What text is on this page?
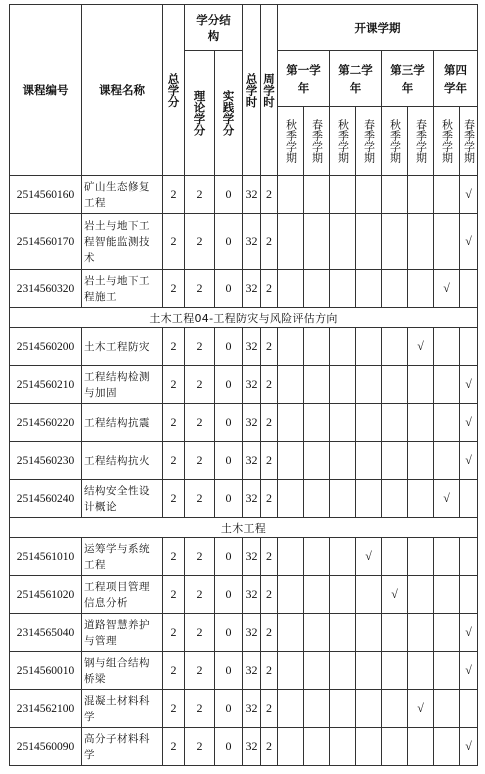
课程编号	课程名称	总学分	学分结构		总学时	周学时	开课学期							

			理论学分	实践学分			第一学年		第二学年		第三学年		第四学年	

							秋季学期	春季学期	秋季学期	春季学期	秋季学期	春季学期	秋季学期	春季学期

2514560160	矿山生态修复工程	2	2	0	32	2								√
2514560170	岩土与地下工程智能监测技术	2	2	0	32	2								√
2314560320	岩土与地下工程施工	2	2	0	32	2							√	
土木工程04-工程防灾与风险评估方向														
2514560200	土木工程防灾	2	2	0	32	2						√		
2514560210	工程结构检测与加固	2	2	0	32	2								√
2514560220	工程结构抗震	2	2	0	32	2								√
2514560230	工程结构抗火	2	2	0	32	2								√
2514560240	结构安全性设计概论	2	2	0	32	2							√	
土木工程														
2514561010	运筹学与系统工程	2	2	0	32	2				√				
2514561020	工程项目管理信息分析	2	2	0	32	2					√			
2314565040	道路智慧养护与管理	2	2	0	32	2								√
2514560010	钢与组合结构桥梁	2	2	0	32	2								√
2314562100	混凝土材料科学	2	2	0	32	2						√		
2514560090	高分子材料科学	2	2	0	32	2								√
